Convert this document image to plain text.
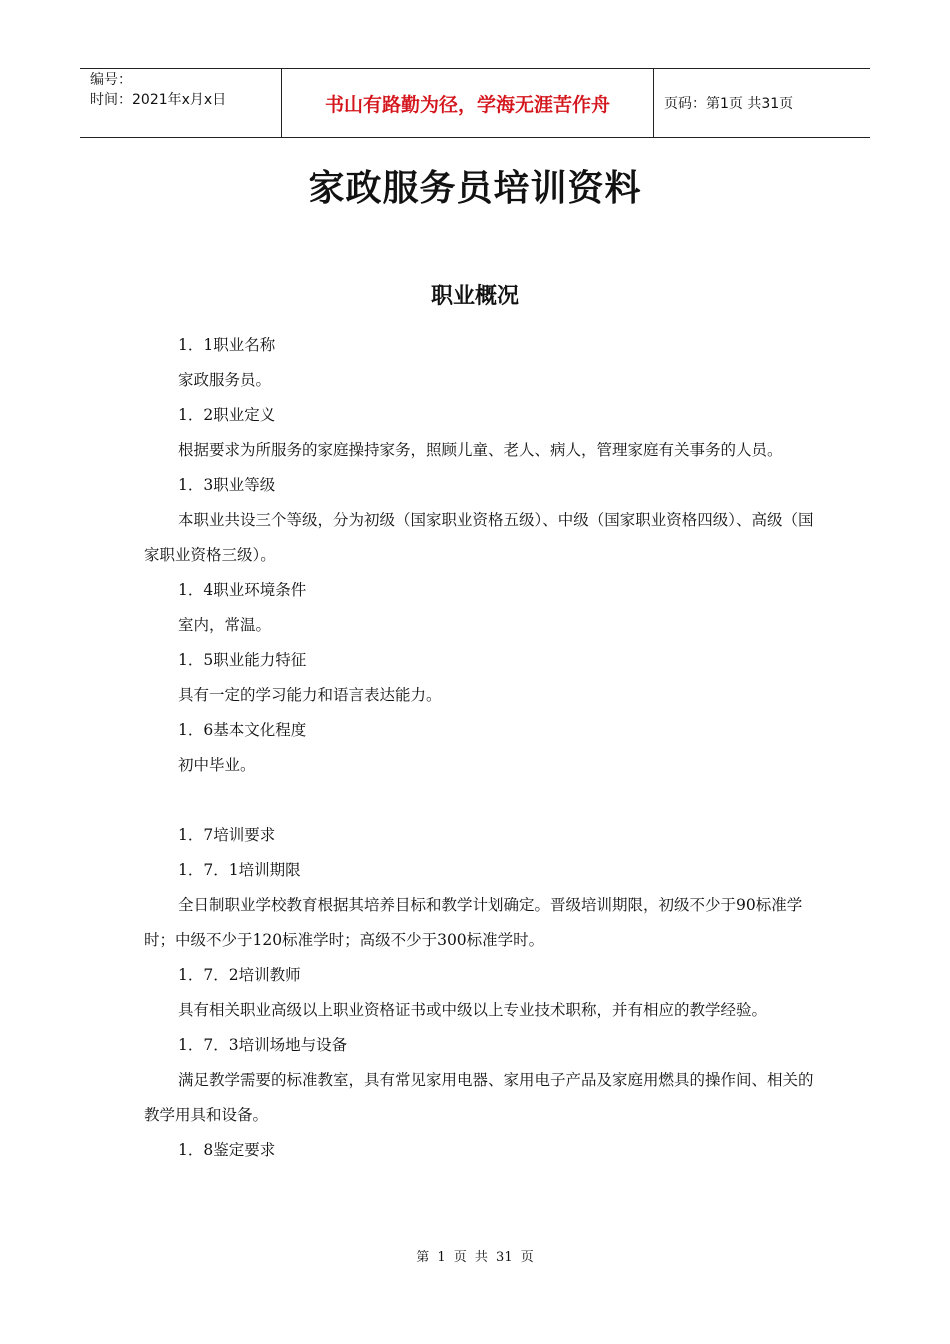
编号：
时间：2021年x月x日	书山有路勤为径，学海无涯苦作舟	页码：第1页 共31页
家政服务员培训资料
职业概况

1．1职业名称

家政服务员。

1．2职业定义

根据要求为所服务的家庭操持家务，照顾儿童、老人、病人，管理家庭有关事务的人员。

1．3职业等级

本职业共设三个等级，分为初级（国家职业资格五级）、中级（国家职业资格四级）、高级（国家职业资格三级）。

1．4职业环境条件

室内，常温。

1．5职业能力特征

具有一定的学习能力和语言表达能力。

1．6基本文化程度

初中毕业。

1．7培训要求

1．7．1培训期限

全日制职业学校教育根据其培养目标和教学计划确定。晋级培训期限，初级不少于90标准学时；中级不少于120标准学时；高级不少于300标准学时。

1．7．2培训教师

具有相关职业高级以上职业资格证书或中级以上专业技术职称，并有相应的教学经验。

1．7．3培训场地与设备

满足教学需要的标准教室，具有常见家用电器、家用电子产品及家庭用燃具的操作间、相关的教学用具和设备。

1．8鉴定要求

第 1 页 共 31 页
